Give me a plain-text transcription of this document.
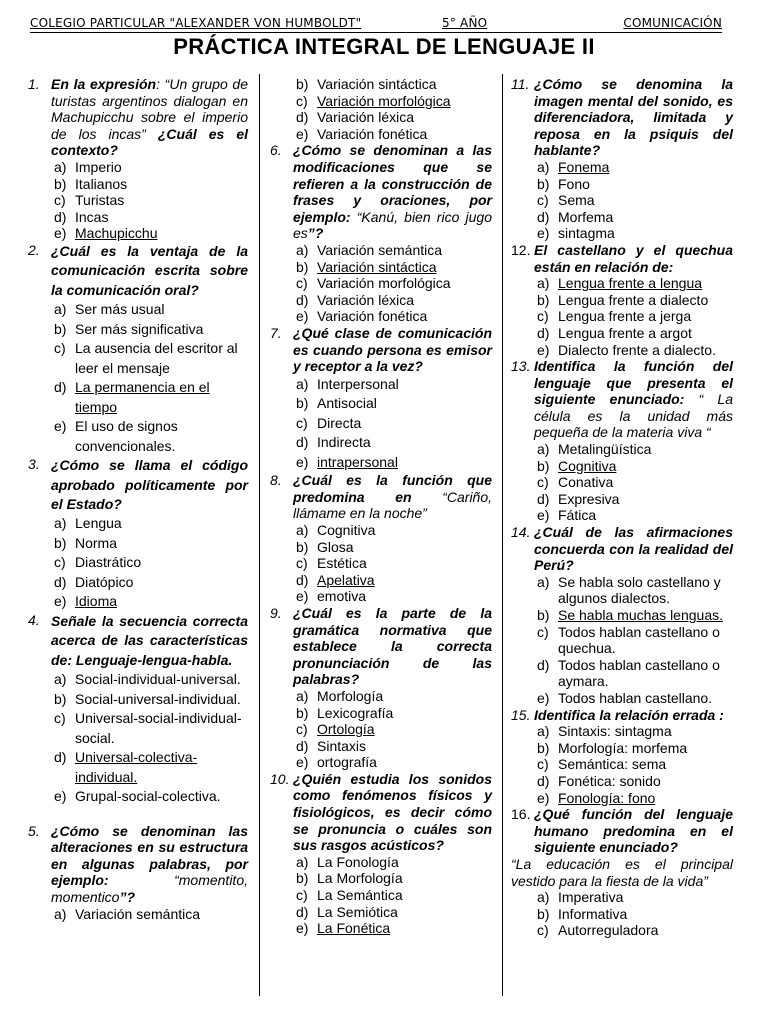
COLEGIO PARTICULAR "ALEXANDER VON HUMBOLDT"	5° AÑO	COMUNICACIÓN
PRÁCTICA INTEGRAL DE LENGUAJE II
1. En la expresión: “Un grupo de turistas argentinos dialogan en Machupicchu sobre el imperio de los incas” ¿Cuál es el contexto?
a) Imperio
b) Italianos
c) Turistas
d) Incas
e) Machupicchu
2. ¿Cuál es la ventaja de la comunicación escrita sobre la comunicación oral?
a) Ser más usual
b) Ser más significativa
c) La ausencia del escritor al leer el mensaje
d) La permanencia en el tiempo
e) El uso de signos convencionales.
3. ¿Cómo se llama el código aprobado políticamente por el Estado?
a) Lengua
b) Norma
c) Diastrático
d) Diatópico
e) Idioma
4. Señale la secuencia correcta acerca de las características de: Lenguaje-lengua-habla.
a) Social-individual-universal.
b) Social-universal-individual.
c) Universal-social-individual-social.
d) Universal-colectiva-individual.
e) Grupal-social-colectiva.
5. ¿Cómo se denominan las alteraciones en su estructura en algunas palabras, por ejemplo:	“momentito, momentico”?
a) Variación semántica
b) Variación sintáctica
c) Variación morfológica
d) Variación léxica
e) Variación fonética
6. ¿Cómo se denominan a las modificaciones que se refieren a la construcción de frases y oraciones, por ejemplo: “Kanú, bien rico jugo es”?
a) Variación semántica
b) Variación sintáctica
c) Variación morfológica
d) Variación léxica
e) Variación fonética
7. ¿Qué clase de comunicación es cuando persona es emisor y receptor a la vez?
a) Interpersonal
b) Antisocial
c) Directa
d) Indirecta
e) intrapersonal
8. ¿Cuál es la función que predomina en “Cariño, llámame en la noche”
a) Cognitiva
b) Glosa
c) Estética
d) Apelativa
e) emotiva
9. ¿Cuál es la parte de la gramática normativa que establece la correcta pronunciación de las palabras?
a) Morfología
b) Lexicografía
c) Ortología
d) Sintaxis
e) ortografía
10. ¿Quién estudia los sonidos como fenómenos físicos y fisiológicos, es decir cómo se pronuncia o cuáles son sus rasgos acústicos?
a) La Fonología
b) La Morfología
c) La Semántica
d) La Semiótica
e) La Fonética
11. ¿Cómo se denomina la imagen mental del sonido, es diferenciadora, limitada y reposa en la psiquis del hablante?
a) Fonema
b) Fono
c) Sema
d) Morfema
e) sintagma
12. El castellano y el quechua están en relación de:
a) Lengua frente a lengua
b) Lengua frente a dialecto
c) Lengua frente a jerga
d) Lengua frente a argot
e) Dialecto frente a dialecto.
13. Identifica la función del lenguaje que presenta el siguiente enunciado: “ La célula es la unidad más pequeña de la materia viva “
a) Metalingüística
b) Cognitiva
c) Conativa
d) Expresiva
e) Fática
14. ¿Cuál de las afirmaciones concuerda con la realidad del Perú?
a) Se habla solo castellano y algunos dialectos.
b) Se habla muchas lenguas.
c) Todos hablan castellano o quechua.
d) Todos hablan castellano o aymara.
e) Todos hablan castellano.
15. Identifica la relación errada :
a) Sintaxis: sintagma
b) Morfología: morfema
c) Semántica: sema
d) Fonética: sonido
e) Fonología: fono
16. ¿Qué función del lenguaje humano predomina en el siguiente enunciado?
“La educación es el principal vestido para la fiesta de la vida”
a) Imperativa
b) Informativa
c) Autorreguladora
